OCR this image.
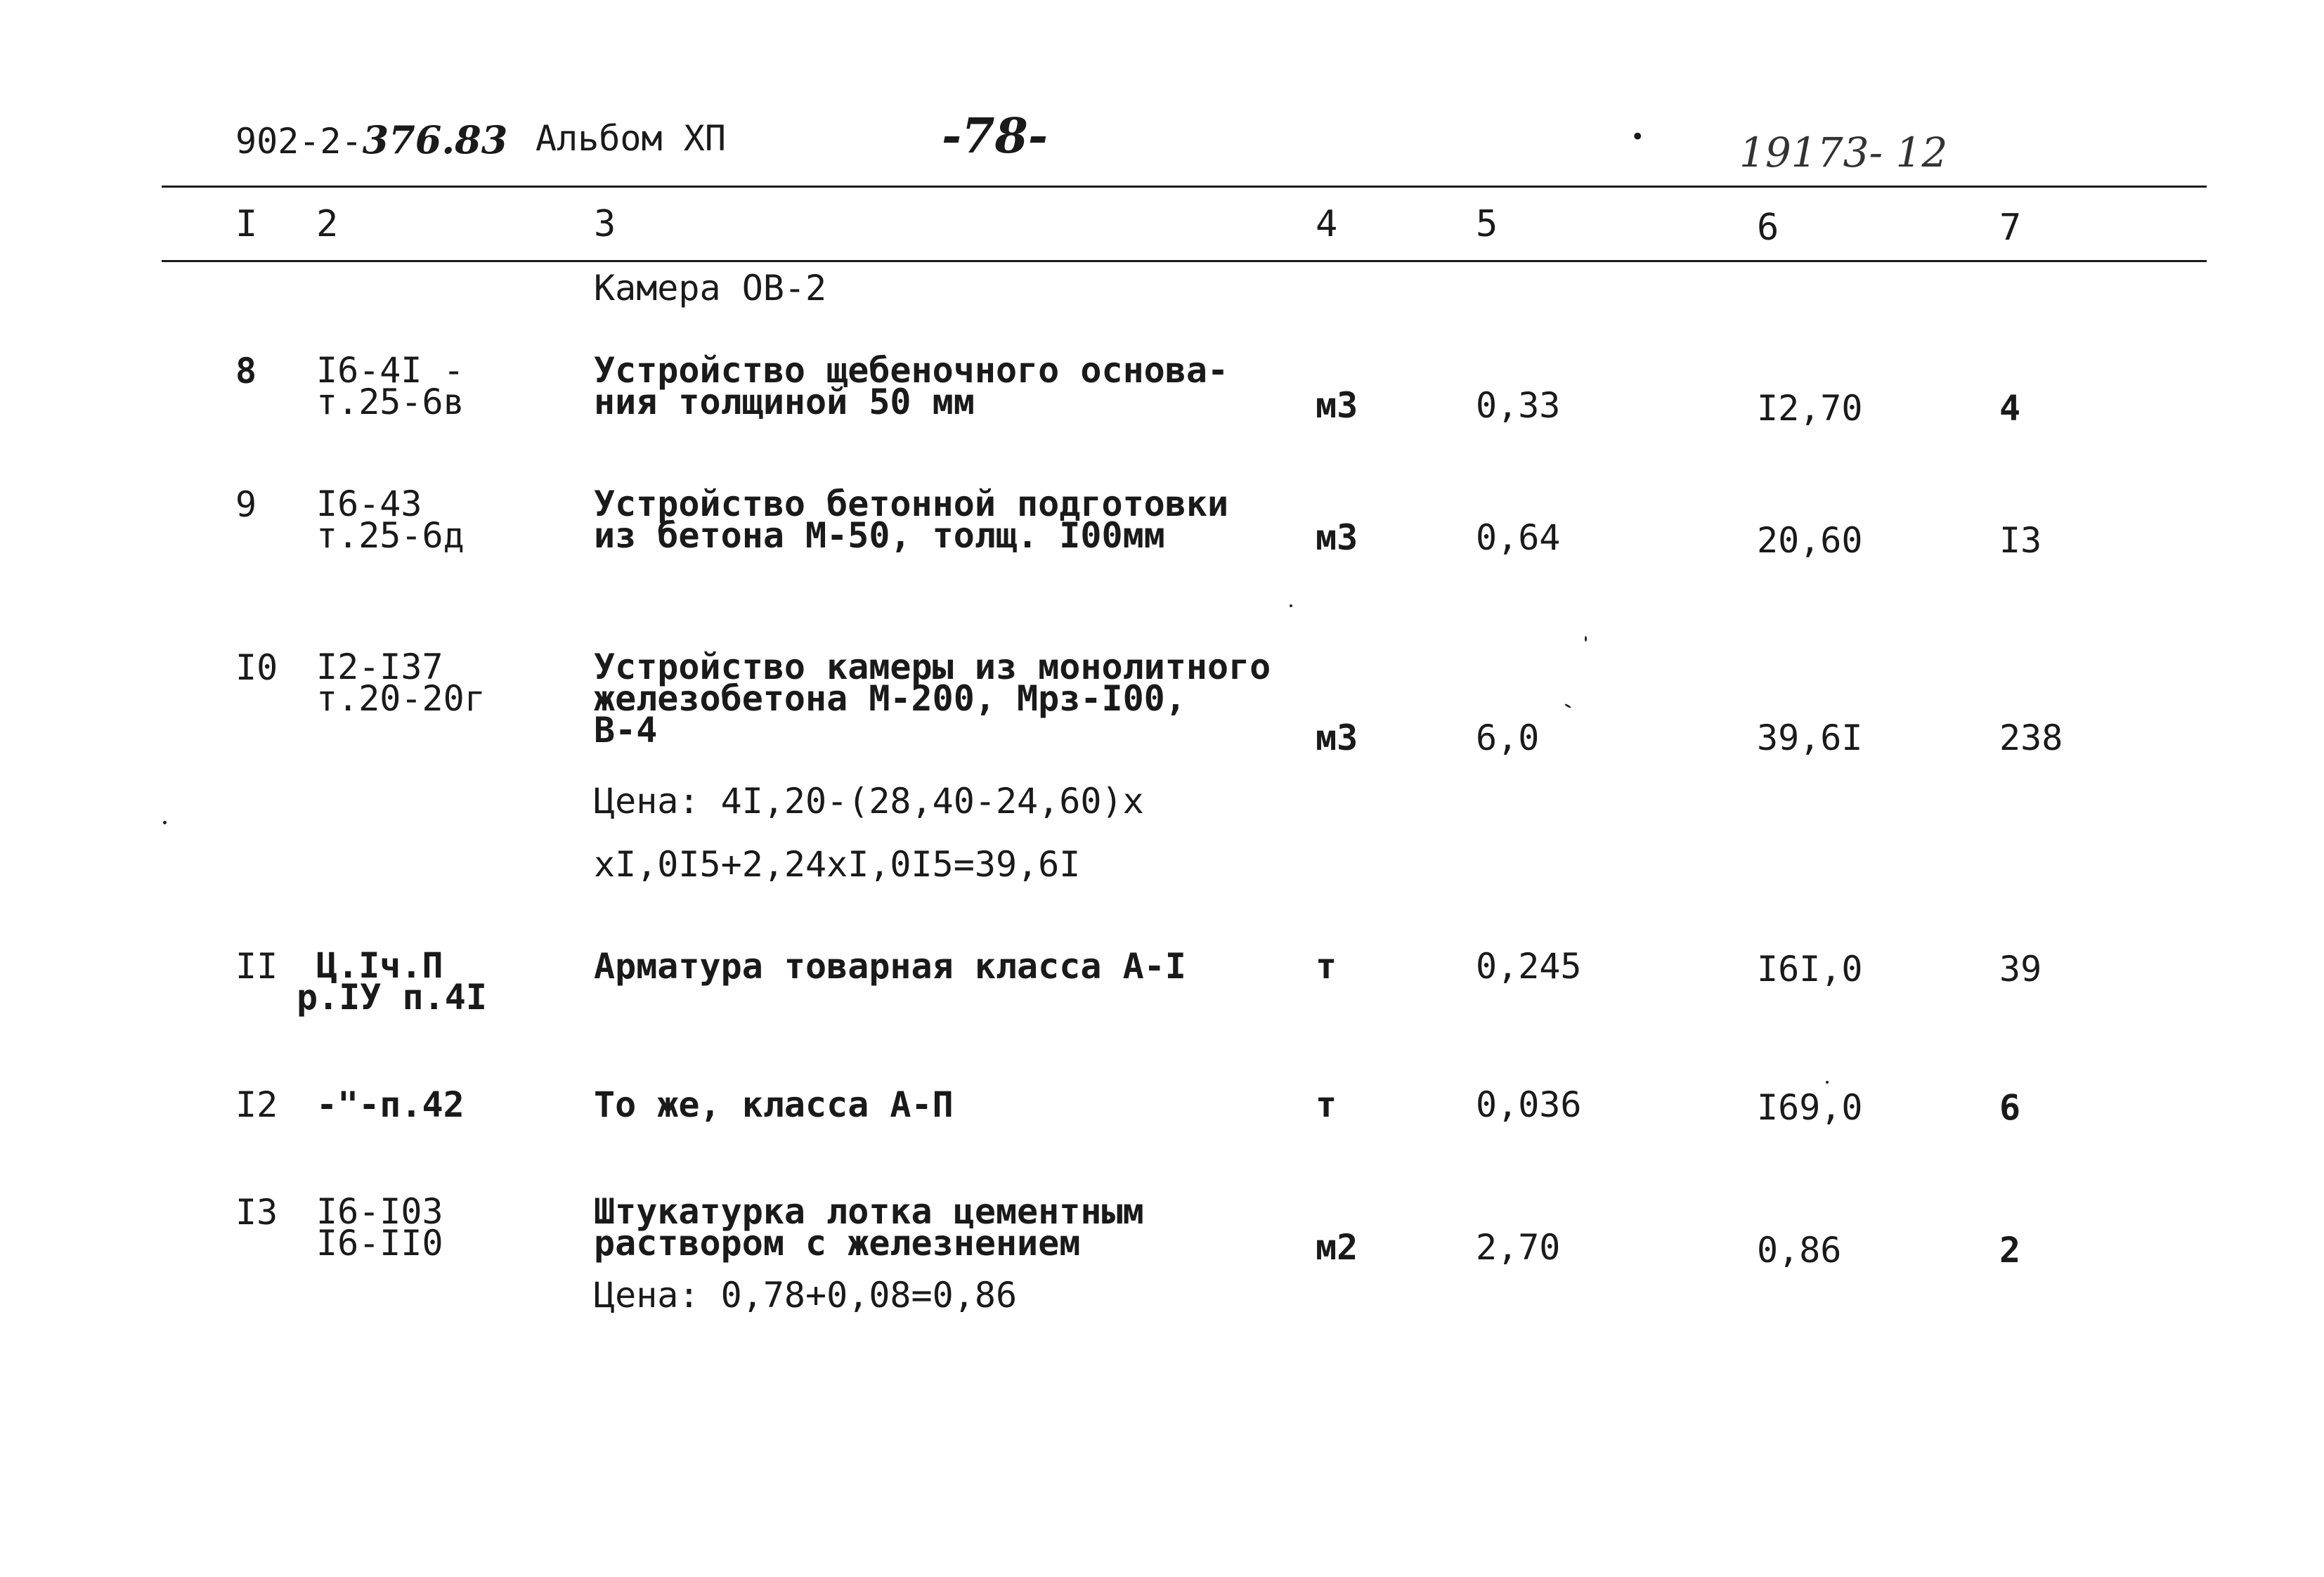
902-2-376.83 Альбом ХП	-78-	• 19173- 12
I 2	3	4	5	6	7
Камера ОВ-2
8 I6-4I -
т.25-6в
Устройство щебеночного основа-
ния толщиной 50 мм	м3	0,33	I2,70	4
9 I6-43
т.25-6д
Устройство бетонной подготовки
из бетона М-50, толщ. I00мм	м3	0,64	20,60	I3
I0 I2-I37
т.20-20г
Устройство камеры из монолитного
железобетона М-200, Мрз-I00,
В-4
Цена: 4I,20-(28,40-24,60)х
хI,0I5+2,24хI,0I5=39,6I
м3	6,0	39,6I	238
II Ц.Iч.П
р.IУ п.4I
Арматура товарная класса А-I	т	0,245	I6I,0	39
I2 -"-п.42	То же, класса А-П	т	0,036	I69,0	6
I3 I6-I03
I6-II0
Штукатурка лотка цементным
раствором с железнением
Цена: 0,78+0,08=0,86
м2	2,70	0,86	2
